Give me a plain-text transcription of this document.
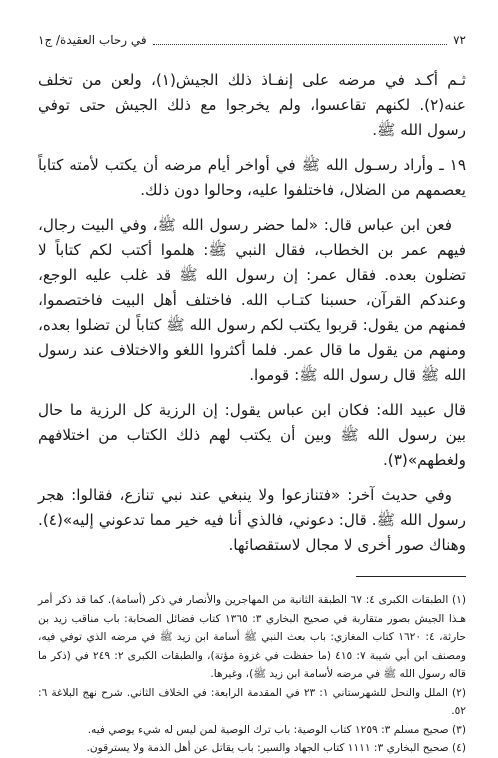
٧٢
في رحاب العقيدة/ ج١

ثـم أكـد في مرضه على إنفـاذ ذلك الجيش(١)، ولعن من تخلف عنه(٢). لكنهم تقاعسوا، ولم يخرجوا مع ذلك الجيش حتى توفي رسول الله ﷺ.

١٩ ـ وأراد رسـول الله ﷺ في أواخر أيام مرضه أن يكتب لأمته كتاباً يعصمهم من الضلال، فاختلفوا عليه، وحالوا دون ذلك.

فعن ابن عباس قال: «لما حضر رسول الله ﷺ، وفي البيت رجال، فيهم عمر بن الخطاب، فقال النبي ﷺ: هلموا أكتب لكم كتاباً لا تضلون بعده. فقال عمر: إن رسول الله ﷺ قد غلب عليه الوجع، وعندكم القرآن، حسبنا كتـاب الله. فاختلف أهل البيت فاختصموا، فمنهم من يقول: قربوا يكتب لكم رسول الله ﷺ كتاباً لن تضلوا بعده، ومنهم من يقول ما قال عمر. فلما أكثروا اللغو والاختلاف عند رسول الله ﷺ قال رسول الله ﷺ: قوموا.

قال عبيد الله: فكان ابن عباس يقول: إن الرزية كل الرزية ما حال بين رسول الله ﷺ وبين أن يكتب لهم ذلك الكتاب من اختلافهم ولغطهم»(٣).

وفي حديث آخر: «فتنازعوا ولا ينبغي عند نبي تنازع، فقالوا: هجر رسول الله ﷺ. قال: دعوني، فالذي أنا فيه خير مما تدعوني إليه»(٤). وهناك صور أخرى لا مجال لاستقصائها.

(١) الطبقات الكبرى ٤: ٦٧ الطبقة الثانية من المهاجرين والأنصار في ذكر (أسامة). كما قد ذكر أمر هـذا الجيش بصور متقاربة في صحيح البخاري ٣: ١٣٦٥ كتاب فضائل الصحابة: باب مناقب زيد بن حارثة، ٤: ١٦٢٠ كتاب المغازي: باب بعث النبي ﷺ أسامة ابن زيد ﷺ في مرضه الذي توفي فيه، ومصنف ابن أبي شيبة ٧: ٤١٥ (ما حفظت في غزوة مؤتة)، والطبقات الكبرى ٢: ٢٤٩ في (ذكر ما قاله رسول الله ﷺ في مرضه لأسامة ابن زيد ﷺ)، وغيرها.

(٢) الملل والنحل للشهرستاني ١: ٢٣ في المقدمة الرابعة: في الخلاف الثاني. شرح نهج البلاغة ٦: ٥٢.

(٣) صحيح مسلم ٣: ١٢٥٩ كتاب الوصية: باب ترك الوصية لمن ليس له شيء يوصي فيه.

(٤) صحيح البخاري ٣: ١١١١ كتاب الجهاد والسير: باب يقاتل عن أهل الذمة ولا يسترقون.
